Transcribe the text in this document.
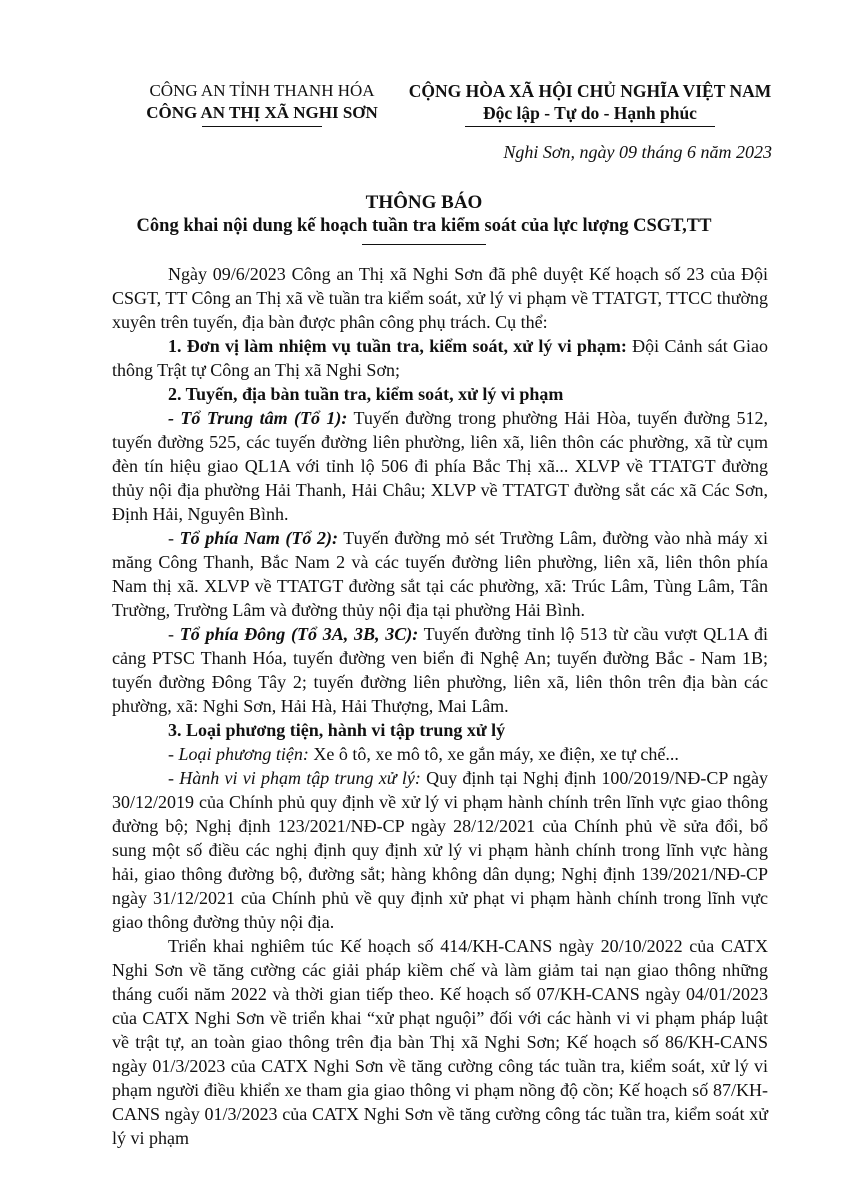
CÔNG AN TỈNH THANH HÓA
CÔNG AN THỊ XÃ NGHI SƠN
CỘNG HÒA XÃ HỘI CHỦ NGHĨA VIỆT NAM
Độc lập - Tự do - Hạnh phúc
Nghi Sơn, ngày 09 tháng 6 năm 2023
THÔNG BÁO
Công khai nội dung kế hoạch tuần tra kiểm soát của lực lượng CSGT,TT

Ngày 09/6/2023 Công an Thị xã Nghi Sơn đã phê duyệt Kế hoạch số 23 của Đội CSGT, TT Công an Thị xã về tuần tra kiểm soát, xử lý vi phạm về TTATGT, TTCC thường xuyên trên tuyến, địa bàn được phân công phụ trách. Cụ thể:

1. Đơn vị làm nhiệm vụ tuần tra, kiểm soát, xử lý vi phạm: Đội Cảnh sát Giao thông Trật tự Công an Thị xã Nghi Sơn;

2. Tuyến, địa bàn tuần tra, kiểm soát, xử lý vi phạm

- Tổ Trung tâm (Tổ 1): Tuyến đường trong phường Hải Hòa, tuyến đường 512, tuyến đường 525, các tuyến đường liên phường, liên xã, liên thôn các phường, xã từ cụm đèn tín hiệu giao QL1A với tỉnh lộ 506 đi phía Bắc Thị xã... XLVP về TTATGT đường thủy nội địa phường Hải Thanh, Hải Châu; XLVP về TTATGT đường sắt các xã Các Sơn, Định Hải, Nguyên Bình.

- Tổ phía Nam (Tổ 2): Tuyến đường mỏ sét Trường Lâm, đường vào nhà máy xi măng Công Thanh, Bắc Nam 2 và các tuyến đường liên phường, liên xã, liên thôn phía Nam thị xã. XLVP về TTATGT đường sắt tại các phường, xã: Trúc Lâm, Tùng Lâm, Tân Trường, Trường Lâm và đường thủy nội địa tại phường Hải Bình.

- Tổ phía Đông (Tổ 3A, 3B, 3C): Tuyến đường tỉnh lộ 513 từ cầu vượt QL1A đi cảng PTSC Thanh Hóa, tuyến đường ven biển đi Nghệ An; tuyến đường Bắc - Nam 1B; tuyến đường Đông Tây 2; tuyến đường liên phường, liên xã, liên thôn trên địa bàn các phường, xã: Nghi Sơn, Hải Hà, Hải Thượng, Mai Lâm.

3. Loại phương tiện, hành vi tập trung xử lý

- Loại phương tiện: Xe ô tô, xe mô tô, xe gắn máy, xe điện, xe tự chế...

- Hành vi vi phạm tập trung xử lý: Quy định tại Nghị định 100/2019/NĐ-CP ngày 30/12/2019 của Chính phủ quy định về xử lý vi phạm hành chính trên lĩnh vực giao thông đường bộ; Nghị định 123/2021/NĐ-CP ngày 28/12/2021 của Chính phủ về sửa đổi, bổ sung một số điều các nghị định quy định xử lý vi phạm hành chính trong lĩnh vực hàng hải, giao thông đường bộ, đường sắt; hàng không dân dụng; Nghị định 139/2021/NĐ-CP ngày 31/12/2021 của Chính phủ về quy định xử phạt vi phạm hành chính trong lĩnh vực giao thông đường thủy nội địa.

Triển khai nghiêm túc Kế hoạch số 414/KH-CANS ngày 20/10/2022 của CATX Nghi Sơn về tăng cường các giải pháp kiềm chế và làm giảm tai nạn giao thông những tháng cuối năm 2022 và thời gian tiếp theo. Kế hoạch số 07/KH-CANS ngày 04/01/2023 của CATX Nghi Sơn về triển khai “xử phạt nguội” đối với các hành vi vi phạm pháp luật về trật tự, an toàn giao thông trên địa bàn Thị xã Nghi Sơn; Kế hoạch số 86/KH-CANS ngày 01/3/2023 của CATX Nghi Sơn về tăng cường công tác tuần tra, kiểm soát, xử lý vi phạm người điều khiển xe tham gia giao thông vi phạm nồng độ cồn; Kế hoạch số 87/KH-CANS ngày 01/3/2023 của CATX Nghi Sơn về tăng cường công tác tuần tra, kiểm soát xử lý vi phạm
